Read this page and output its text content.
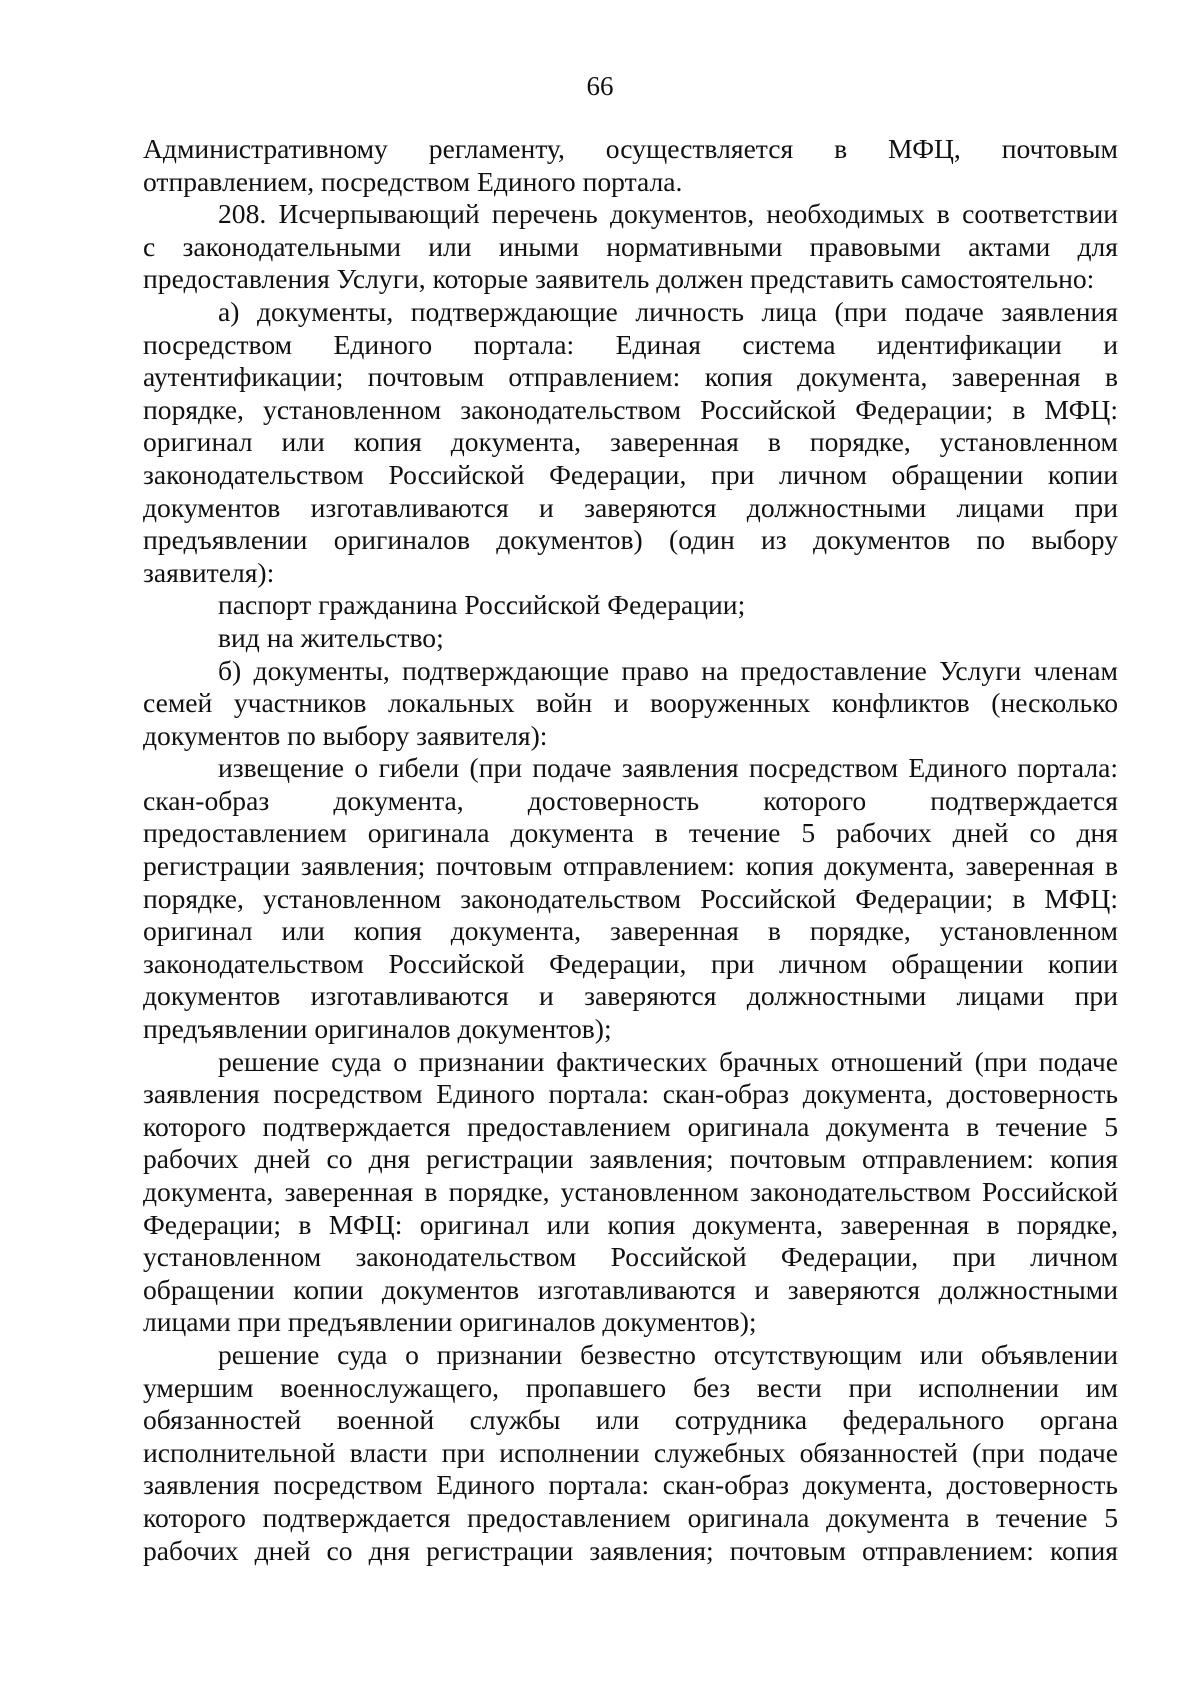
66

Административному регламенту, осуществляется в МФЦ, почтовым

отправлением, посредством Единого портала.

208. Исчерпывающий перечень документов, необходимых в соответствии

с законодательными или иными нормативными правовыми актами для

предоставления Услуги, которые заявитель должен представить самостоятельно:

а) документы, подтверждающие личность лица (при подаче заявления

посредством Единого портала: Единая система идентификации и

аутентификации; почтовым отправлением: копия документа, заверенная в

порядке, установленном законодательством Российской Федерации; в МФЦ:

оригинал или копия документа, заверенная в порядке, установленном

законодательством Российской Федерации, при личном обращении копии

документов изготавливаются и заверяются должностными лицами при

предъявлении оригиналов документов) (один из документов по выбору

заявителя):

паспорт гражданина Российской Федерации;

вид на жительство;

б) документы, подтверждающие право на предоставление Услуги членам

семей участников локальных войн и вооруженных конфликтов (несколько

документов по выбору заявителя):

извещение о гибели (при подаче заявления посредством Единого портала:

скан-образ документа, достоверность которого подтверждается

предоставлением оригинала документа в течение 5 рабочих дней со дня

регистрации заявления; почтовым отправлением: копия документа, заверенная в

порядке, установленном законодательством Российской Федерации; в МФЦ:

оригинал или копия документа, заверенная в порядке, установленном

законодательством Российской Федерации, при личном обращении копии

документов изготавливаются и заверяются должностными лицами при

предъявлении оригиналов документов);

решение суда о признании фактических брачных отношений (при подаче

заявления посредством Единого портала: скан-образ документа, достоверность

которого подтверждается предоставлением оригинала документа в течение 5

рабочих дней со дня регистрации заявления; почтовым отправлением: копия

документа, заверенная в порядке, установленном законодательством Российской

Федерации; в МФЦ: оригинал или копия документа, заверенная в порядке,

установленном законодательством Российской Федерации, при личном

обращении копии документов изготавливаются и заверяются должностными

лицами при предъявлении оригиналов документов);

решение суда о признании безвестно отсутствующим или объявлении

умершим военнослужащего, пропавшего без вести при исполнении им

обязанностей военной службы или сотрудника федерального органа

исполнительной власти при исполнении служебных обязанностей (при подаче

заявления посредством Единого портала: скан-образ документа, достоверность

которого подтверждается предоставлением оригинала документа в течение 5

рабочих дней со дня регистрации заявления; почтовым отправлением: копия
